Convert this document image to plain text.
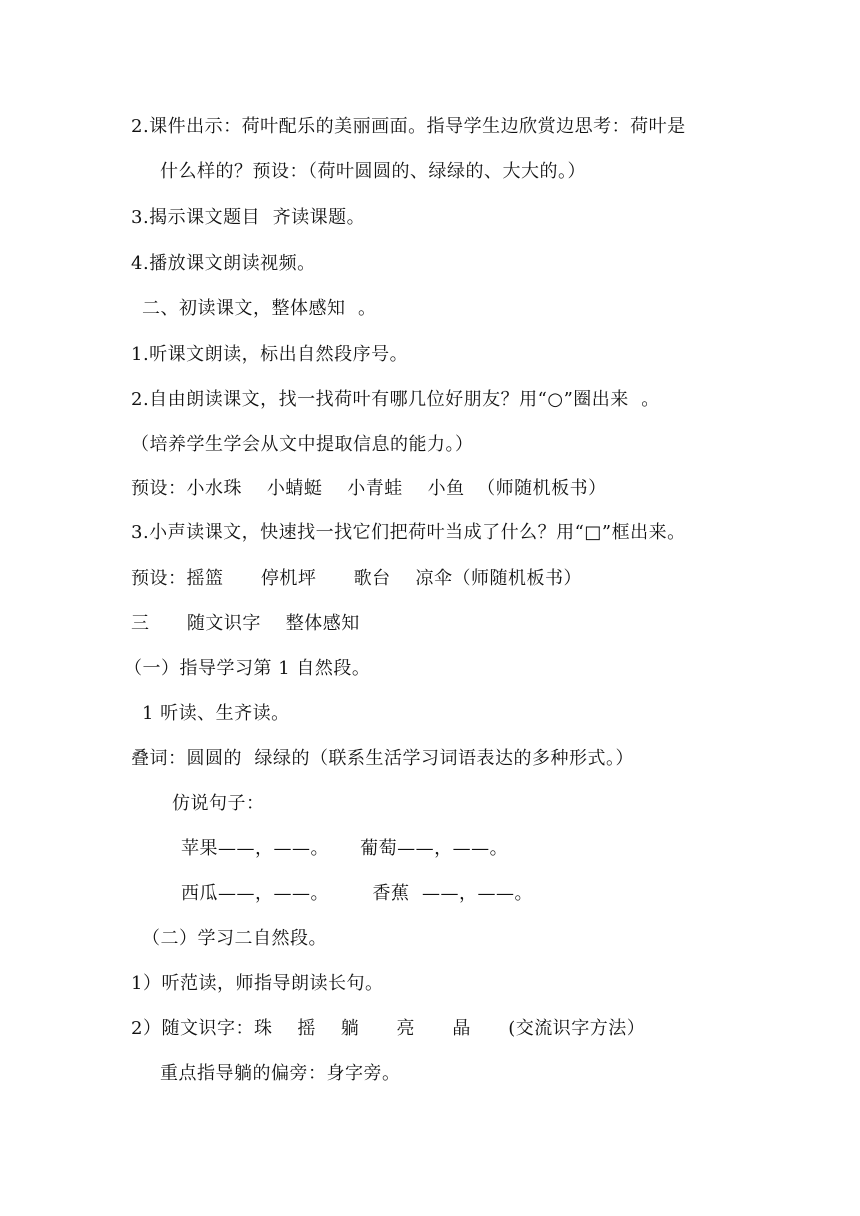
2.课件出示：荷叶配乐的美丽画面。指导学生边欣赏边思考：荷叶是
什么样的？预设：（荷叶圆圆的、绿绿的、大大的。）
3.揭示课文题目  齐读课题。
4.播放课文朗读视频。
二、初读课文，整体感知  。
1.听课文朗读，标出自然段序号。
2.自由朗读课文，找一找荷叶有哪几位好朋友？用“○”圈出来  。
（培养学生学会从文中提取信息的能力。）
预设：小水珠    小蜻蜓    小青蛙    小鱼  （师随机板书）
3.小声读课文，快速找一找它们把荷叶当成了什么？用“□”框出来。
预设：摇篮      停机坪      歌台    凉伞（师随机板书）
三      随文识字    整体感知
（一）指导学习第 1 自然段。
1 听读、生齐读。
叠词：圆圆的  绿绿的（联系生活学习词语表达的多种形式。）
仿说句子：
苹果——，——。     葡萄——，——。
西瓜——，——。       香蕉  ——，——。
（二）学习二自然段。
1）听范读，师指导朗读长句。
2）随文识字：珠    摇    躺      亮      晶      (交流识字方法）
重点指导躺的偏旁：身字旁。
